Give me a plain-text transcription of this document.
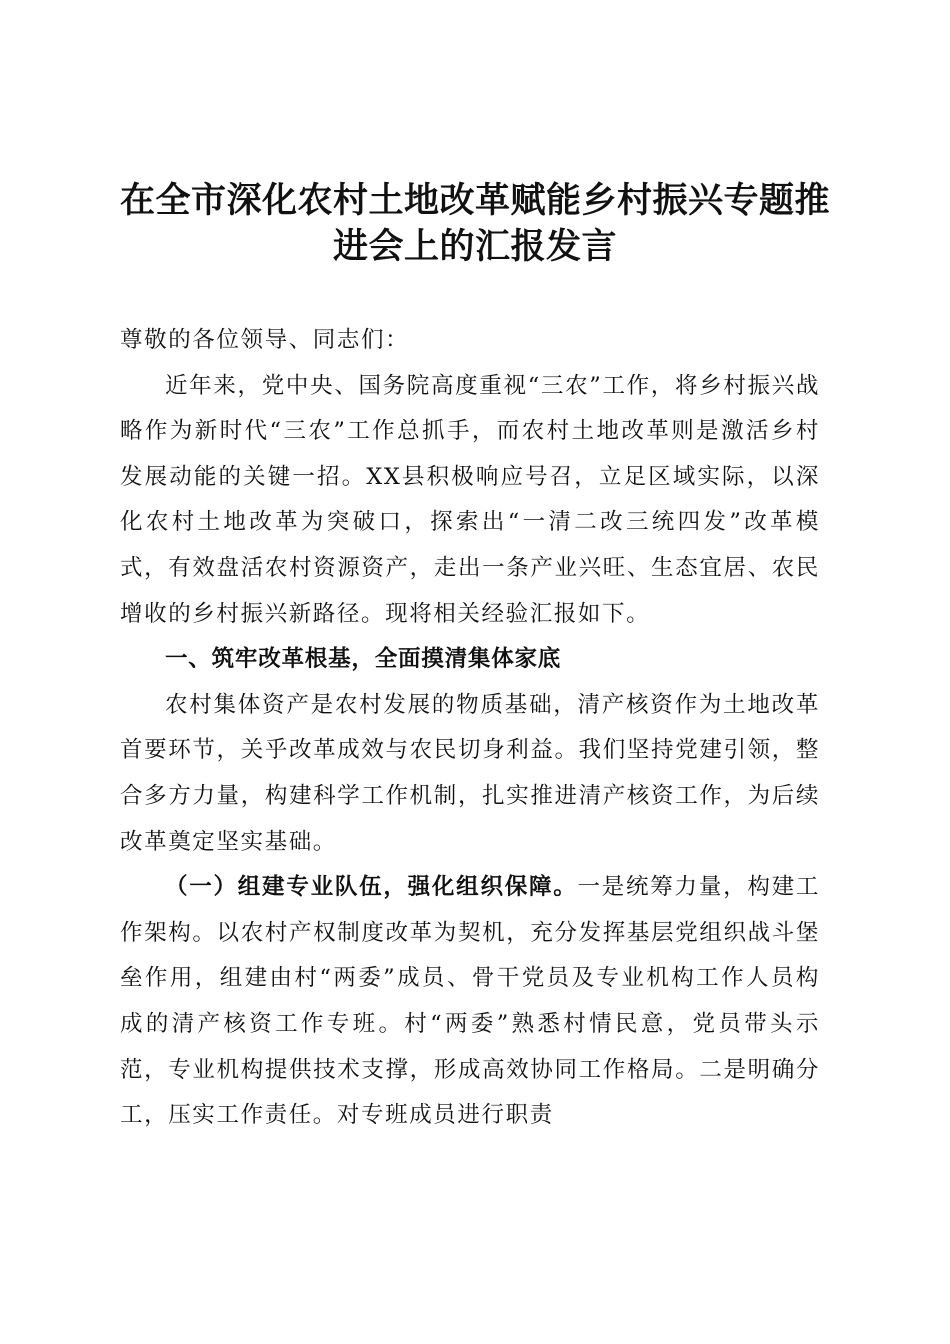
在全市深化农村土地改革赋能乡村振兴专题推
进会上的汇报发言

尊敬的各位领导、同志们：

近年来，党中央、国务院高度重视“三农”工作，将乡村振兴战略作为新时代“三农”工作总抓手，而农村土地改革则是激活乡村发展动能的关键一招。XX县积极响应号召，立足区域实际，以深化农村土地改革为突破口，探索出“一清二改三统四发”改革模式，有效盘活农村资源资产，走出一条产业兴旺、生态宜居、农民增收的乡村振兴新路径。现将相关经验汇报如下。

一、筑牢改革根基，全面摸清集体家底

农村集体资产是农村发展的物质基础，清产核资作为土地改革首要环节，关乎改革成效与农民切身利益。我们坚持党建引领，整合多方力量，构建科学工作机制，扎实推进清产核资工作，为后续改革奠定坚实基础。

（一）组建专业队伍，强化组织保障。一是统筹力量，构建工作架构。以农村产权制度改革为契机，充分发挥基层党组织战斗堡垒作用，组建由村“两委”成员、骨干党员及专业机构工作人员构成的清产核资工作专班。村“两委”熟悉村情民意，党员带头示范，专业机构提供技术支撑，形成高效协同工作格局。二是明确分工，压实工作责任。对专班成员进行职责
